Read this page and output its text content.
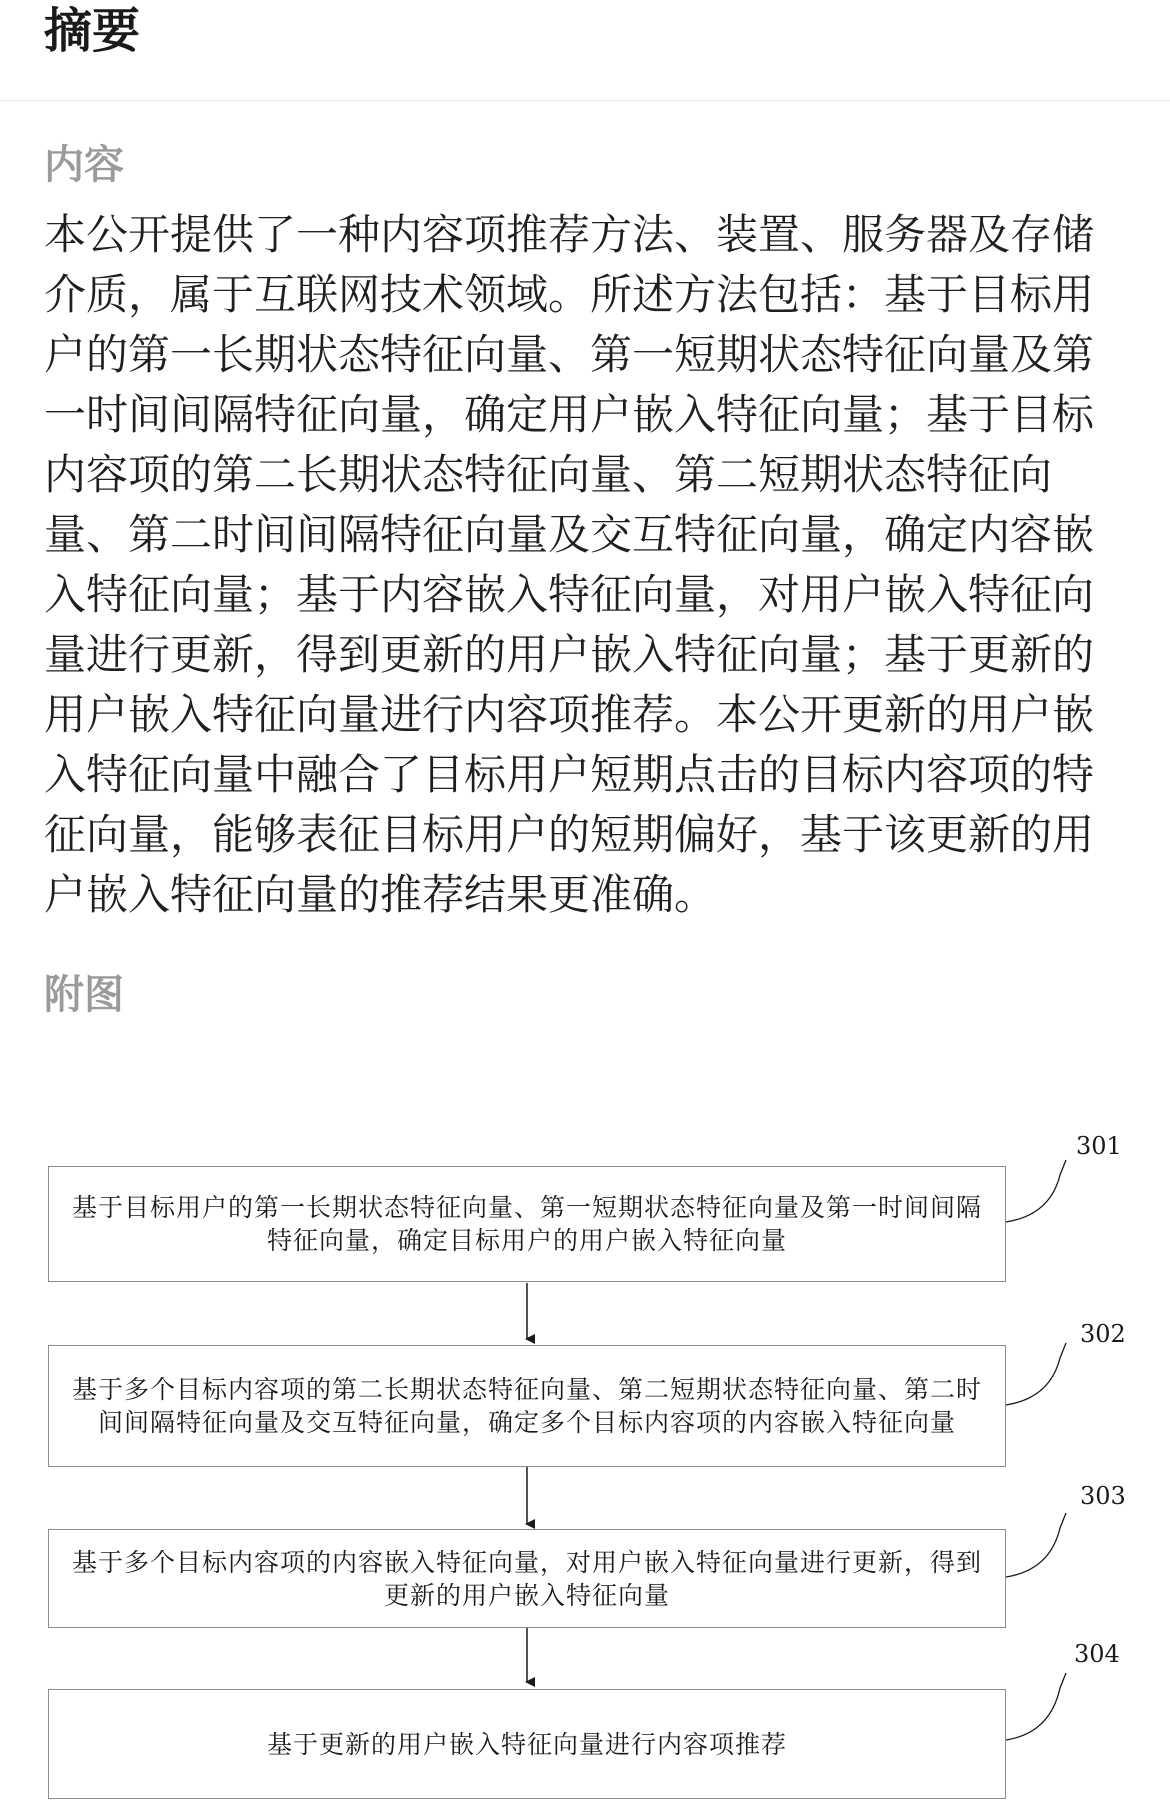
摘要
内容

本公开提供了一种内容项推荐方法、装置、服务器及存储介质，属于互联网技术领域。所述方法包括：基于目标用户的第一长期状态特征向量、第一短期状态特征向量及第一时间间隔特征向量，确定用户嵌入特征向量；基于目标内容项的第二长期状态特征向量、第二短期状态特征向量、第二时间间隔特征向量及交互特征向量，确定内容嵌入特征向量；基于内容嵌入特征向量，对用户嵌入特征向量进行更新，得到更新的用户嵌入特征向量；基于更新的用户嵌入特征向量进行内容项推荐。本公开更新的用户嵌入特征向量中融合了目标用户短期点击的目标内容项的特征向量，能够表征目标用户的短期偏好，基于该更新的用户嵌入特征向量的推荐结果更准确。

附图
301
302
303
304
基于目标用户的第一长期状态特征向量、第一短期状态特征向量及第一时间间隔
特征向量，确定目标用户的用户嵌入特征向量
基于多个目标内容项的第二长期状态特征向量、第二短期状态特征向量、第二时
间间隔特征向量及交互特征向量，确定多个目标内容项的内容嵌入特征向量
基于多个目标内容项的内容嵌入特征向量，对用户嵌入特征向量进行更新，得到
更新的用户嵌入特征向量
基于更新的用户嵌入特征向量进行内容项推荐
